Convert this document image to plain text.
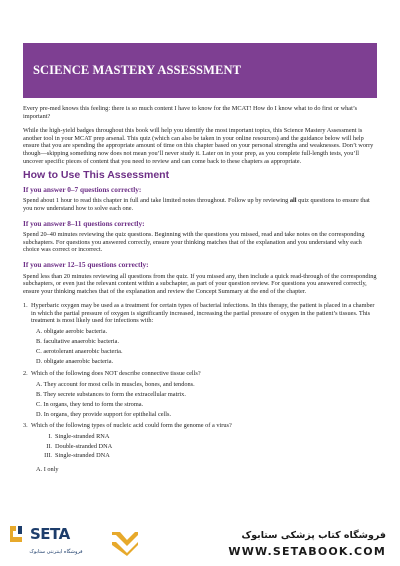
SCIENCE MASTERY ASSESSMENT

Every pre-med knows this feeling: there is so much content I have to know for the MCAT! How do I know what to do first or what’s important?

While the high-yield badges throughout this book will help you identify the most important topics, this Science Mastery Assessment is another tool in your MCAT prep arsenal. This quiz (which can also be taken in your online resources) and the guidance below will help ensure that you are spending the appropriate amount of time on this chapter based on your personal strengths and weaknesses. Don’t worry though—skipping something now does not mean you’ll never study it. Later on in your prep, as you complete full-length tests, you’ll uncover specific pieces of content that you need to review and can come back to these chapters as appropriate.

How to Use This Assessment
If you answer 0–7 questions correctly:

Spend about 1 hour to read this chapter in full and take limited notes throughout. Follow up by reviewing all quiz questions to ensure that you now understand how to solve each one.

If you answer 8–11 questions correctly:

Spend 20–40 minutes reviewing the quiz questions. Beginning with the questions you missed, read and take notes on the corresponding subchapters. For questions you answered correctly, ensure your thinking matches that of the explanation and you understand why each choice was correct or incorrect.

If you answer 12–15 questions correctly:

Spend less than 20 minutes reviewing all questions from the quiz. If you missed any, then include a quick read-through of the corresponding subchapters, or even just the relevant content within a subchapter, as part of your question review. For questions you answered correctly, ensure your thinking matches that of the explanation and review the Concept Summary at the end of the chapter.

1. Hyperbaric oxygen may be used as a treatment for certain types of bacterial infections. In this therapy, the patient is placed in a chamber in which the partial pressure of oxygen is significantly increased, increasing the partial pressure of oxygen in the patient’s tissues. This treatment is most likely used for infections with:
A. obligate aerobic bacteria.
B. facultative anaerobic bacteria.
C. aerotolerant anaerobic bacteria.
D. obligate anaerobic bacteria.
2. Which of the following does NOT describe connective tissue cells?
A. They account for most cells in muscles, bones, and tendons.
B. They secrete substances to form the extracellular matrix.
C. In organs, they tend to form the stroma.
D. In organs, they provide support for epithelial cells.
3. Which of the following types of nucleic acid could form the genome of a virus?
I. Single-stranded RNA
II. Double-stranded DNA
III. Single-stranded DNA
A. I only
SETA
فروشگاه اینترنتی ستابوک
فروشگاه کتاب پزشکی ستابوک
WWW.SETABOOK.COM
